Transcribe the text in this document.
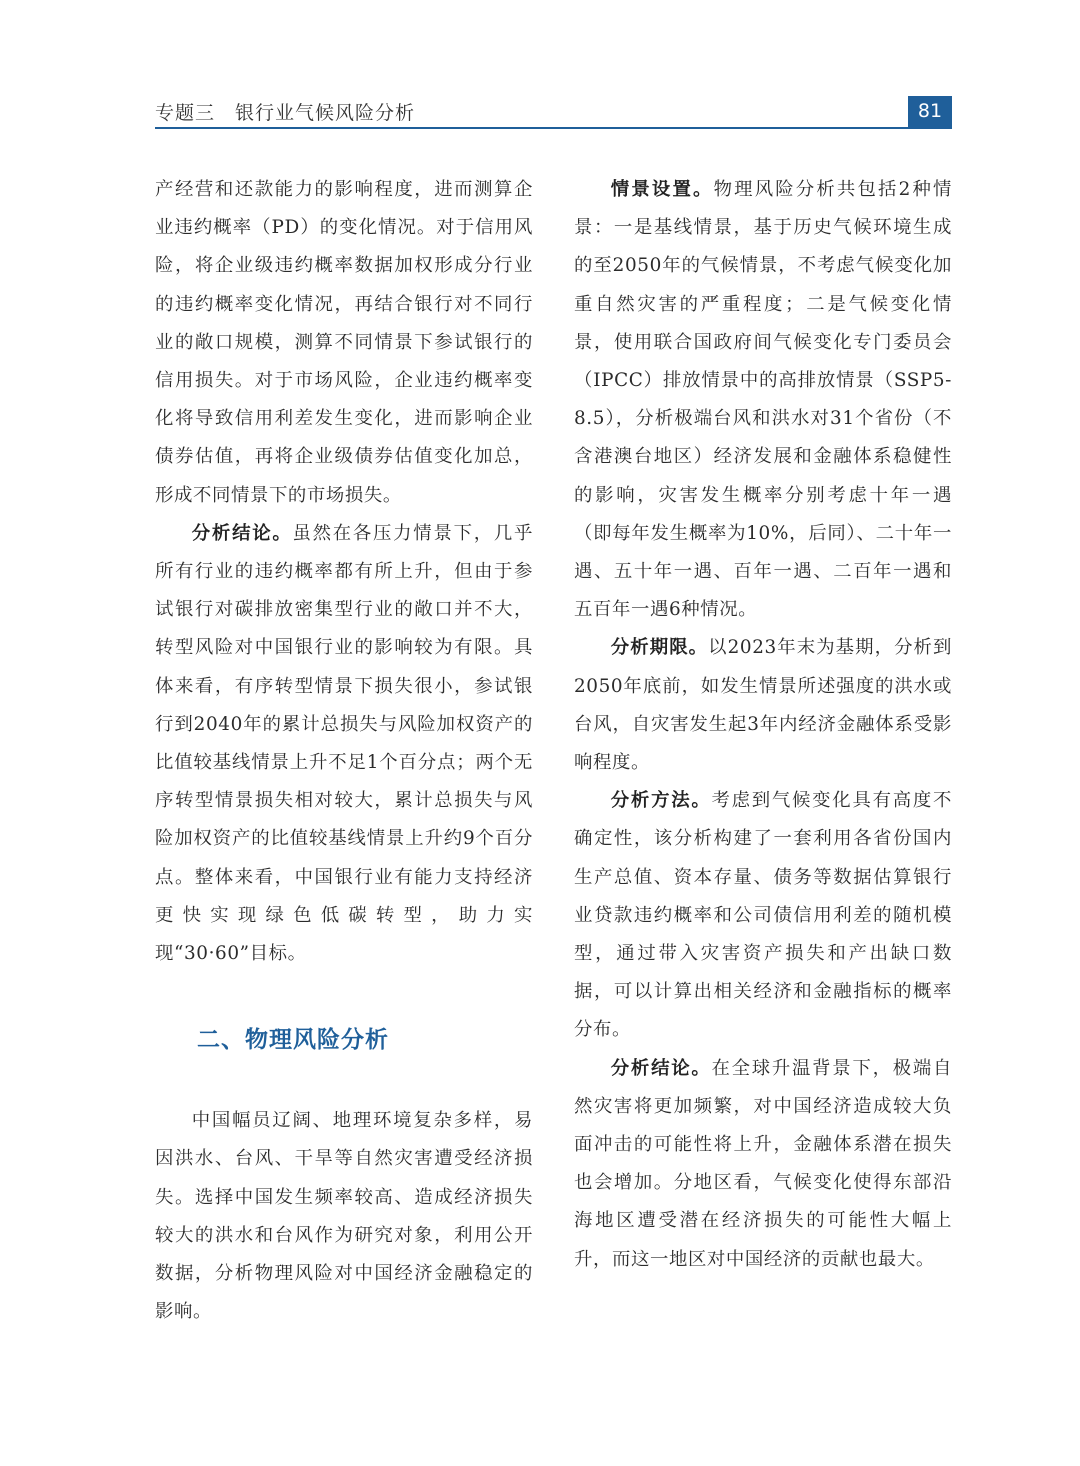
专题三　银行业气候风险分析	81

产经营和还款能力的影响程度，进而测算企业违约概率（PD）的变化情况。对于信用风险，将企业级违约概率数据加权形成分行业的违约概率变化情况，再结合银行对不同行业的敞口规模，测算不同情景下参试银行的信用损失。对于市场风险，企业违约概率变化将导致信用利差发生变化，进而影响企业债券估值，再将企业级债券估值变化加总，形成不同情景下的市场损失。

分析结论。虽然在各压力情景下，几乎所有行业的违约概率都有所上升，但由于参试银行对碳排放密集型行业的敞口并不大，转型风险对中国银行业的影响较为有限。具体来看，有序转型情景下损失很小，参试银行到2040年的累计总损失与风险加权资产的比值较基线情景上升不足1个百分点；两个无序转型情景损失相对较大，累计总损失与风险加权资产的比值较基线情景上升约9个百分点。整体来看，中国银行业有能力支持经济更快实现绿色低碳转型，助力实现“30·60”目标。

二、物理风险分析

中国幅员辽阔、地理环境复杂多样，易因洪水、台风、干旱等自然灾害遭受经济损失。选择中国发生频率较高、造成经济损失较大的洪水和台风作为研究对象，利用公开数据，分析物理风险对中国经济金融稳定的影响。

情景设置。物理风险分析共包括2种情景：一是基线情景，基于历史气候环境生成的至2050年的气候情景，不考虑气候变化加重自然灾害的严重程度；二是气候变化情景，使用联合国政府间气候变化专门委员会（IPCC）排放情景中的高排放情景（SSP5-8.5），分析极端台风和洪水对31个省份（不含港澳台地区）经济发展和金融体系稳健性的影响，灾害发生概率分别考虑十年一遇（即每年发生概率为10%，后同）、二十年一遇、五十年一遇、百年一遇、二百年一遇和五百年一遇6种情况。

分析期限。以2023年末为基期，分析到2050年底前，如发生情景所述强度的洪水或台风，自灾害发生起3年内经济金融体系受影响程度。

分析方法。考虑到气候变化具有高度不确定性，该分析构建了一套利用各省份国内生产总值、资本存量、债务等数据估算银行业贷款违约概率和公司债信用利差的随机模型，通过带入灾害资产损失和产出缺口数据，可以计算出相关经济和金融指标的概率分布。

分析结论。在全球升温背景下，极端自然灾害将更加频繁，对中国经济造成较大负面冲击的可能性将上升，金融体系潜在损失也会增加。分地区看，气候变化使得东部沿海地区遭受潜在经济损失的可能性大幅上升，而这一地区对中国经济的贡献也最大。
